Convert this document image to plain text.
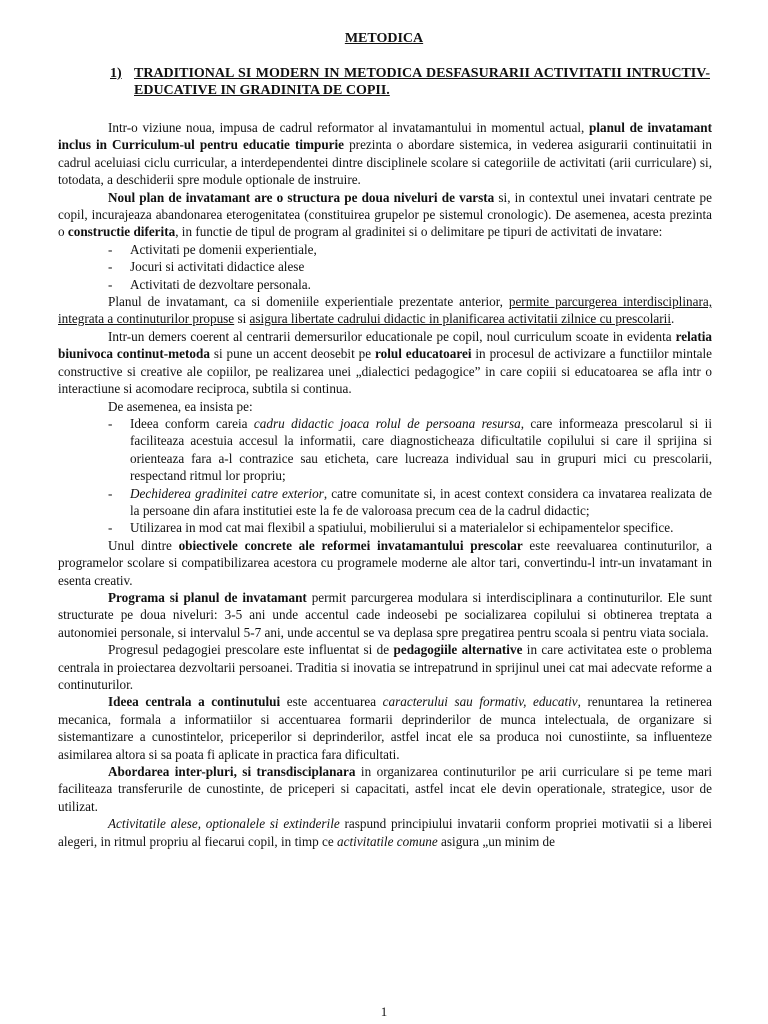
METODICA
1) TRADITIONAL SI MODERN IN METODICA DESFASURARII ACTIVITATII INTRUCTIV-EDUCATIVE IN GRADINITA DE COPII.

Intr-o viziune noua, impusa de cadrul reformator al invatamantului in momentul actual, planul de invatamant inclus in Curriculum-ul pentru educatie timpurie prezinta o abordare sistemica, in vederea asigurarii continuitatii in cadrul aceluiasi ciclu curricular, a interdependentei dintre disciplinele scolare si categoriile de activitati (arii curriculare) si, totodata, a deschiderii spre module optionale de instruire.

Noul plan de invatamant are o structura pe doua niveluri de varsta si, in contextul unei invatari centrate pe copil, incurajeaza abandonarea eterogenitatea (constituirea grupelor pe sistemul cronologic). De asemenea, acesta prezinta o constructie diferita, in functie de tipul de program al gradinitei si o delimitare pe tipuri de activitati de invatare:

- Activitati pe domenii experientiale,
- Jocuri si activitati didactice alese
- Activitati de dezvoltare personala.

Planul de invatamant, ca si domeniile experientiale prezentate anterior, permite parcurgerea interdisciplinara, integrata a continuturilor propuse si asigura libertate cadrului didactic in planificarea activitatii zilnice cu prescolarii.

Intr-un demers coerent al centrarii demersurilor educationale pe copil, noul curriculum scoate in evidenta relatia biunivoca continut-metoda si pune un accent deosebit pe rolul educatoarei in procesul de activizare a functiilor mintale constructive si creative ale copiilor, pe realizarea unei „dialectici pedagogice” in care copiii si educatoarea se afla intr o interactiune si acomodare reciproca, subtila si continua.

De asemenea, ea insista pe:

- Ideea conform careia cadru didactic joaca rolul de persoana resursa, care informeaza prescolarul si ii faciliteaza acestuia accesul la informatii, care diagnosticheaza dificultatile copilului si care il sprijina si orienteaza fara a-l contrazice sau eticheta, care lucreaza individual sau in grupuri mici cu prescolarii, respectand ritmul lor propriu;
- Dechiderea gradinitei catre exterior, catre comunitate si, in acest context considera ca invatarea realizata de la persoane din afara institutiei este la fe de valoroasa precum cea de la cadrul didactic;
- Utilizarea in mod cat mai flexibil a spatiului, mobilierului si a materialelor si echipamentelor specifice.

Unul dintre obiectivele concrete ale reformei invatamantului prescolar este reevaluarea continuturilor, a programelor scolare si compatibilizarea acestora cu programele moderne ale altor tari, convertindu-l intr-un invatamant in esenta creativ.

Programa si planul de invatamant permit parcurgerea modulara si interdisciplinara a continuturilor. Ele sunt structurate pe doua niveluri: 3-5 ani unde accentul cade indeosebi pe socializarea copilului si obtinerea treptata a autonomiei personale, si intervalul 5-7 ani, unde accentul se va deplasa spre pregatirea pentru scoala si pentru viata sociala.

Progresul pedagogiei prescolare este influentat si de pedagogiile alternative in care activitatea este o problema centrala in proiectarea dezvoltarii persoanei. Traditia si inovatia se intrepatrund in sprijinul unei cat mai adecvate reforme a continuturilor.

Ideea centrala a continutului este accentuarea caracterului sau formativ, educativ, renuntarea la retinerea mecanica, formala a informatiilor si accentuarea formarii deprinderilor de munca intelectuala, de organizare si sistemantizare a cunostintelor, priceperilor si deprinderilor, astfel incat ele sa produca noi cunostiinte, sa influenteze asimilarea altora si sa poata fi aplicate in practica fara dificultati.

Abordarea inter-pluri, si transdisciplanara in organizarea continuturilor pe arii curriculare si pe teme mari faciliteaza transferurile de cunostinte, de priceperi si capacitati, astfel incat ele devin operationale, strategice, usor de utilizat.

Activitatile alese, optionalele si extinderile raspund principiului invatarii conform propriei motivatii si a liberei alegeri, in ritmul propriu al fiecarui copil, in timp ce activitatile comune asigura „un minim de

1
